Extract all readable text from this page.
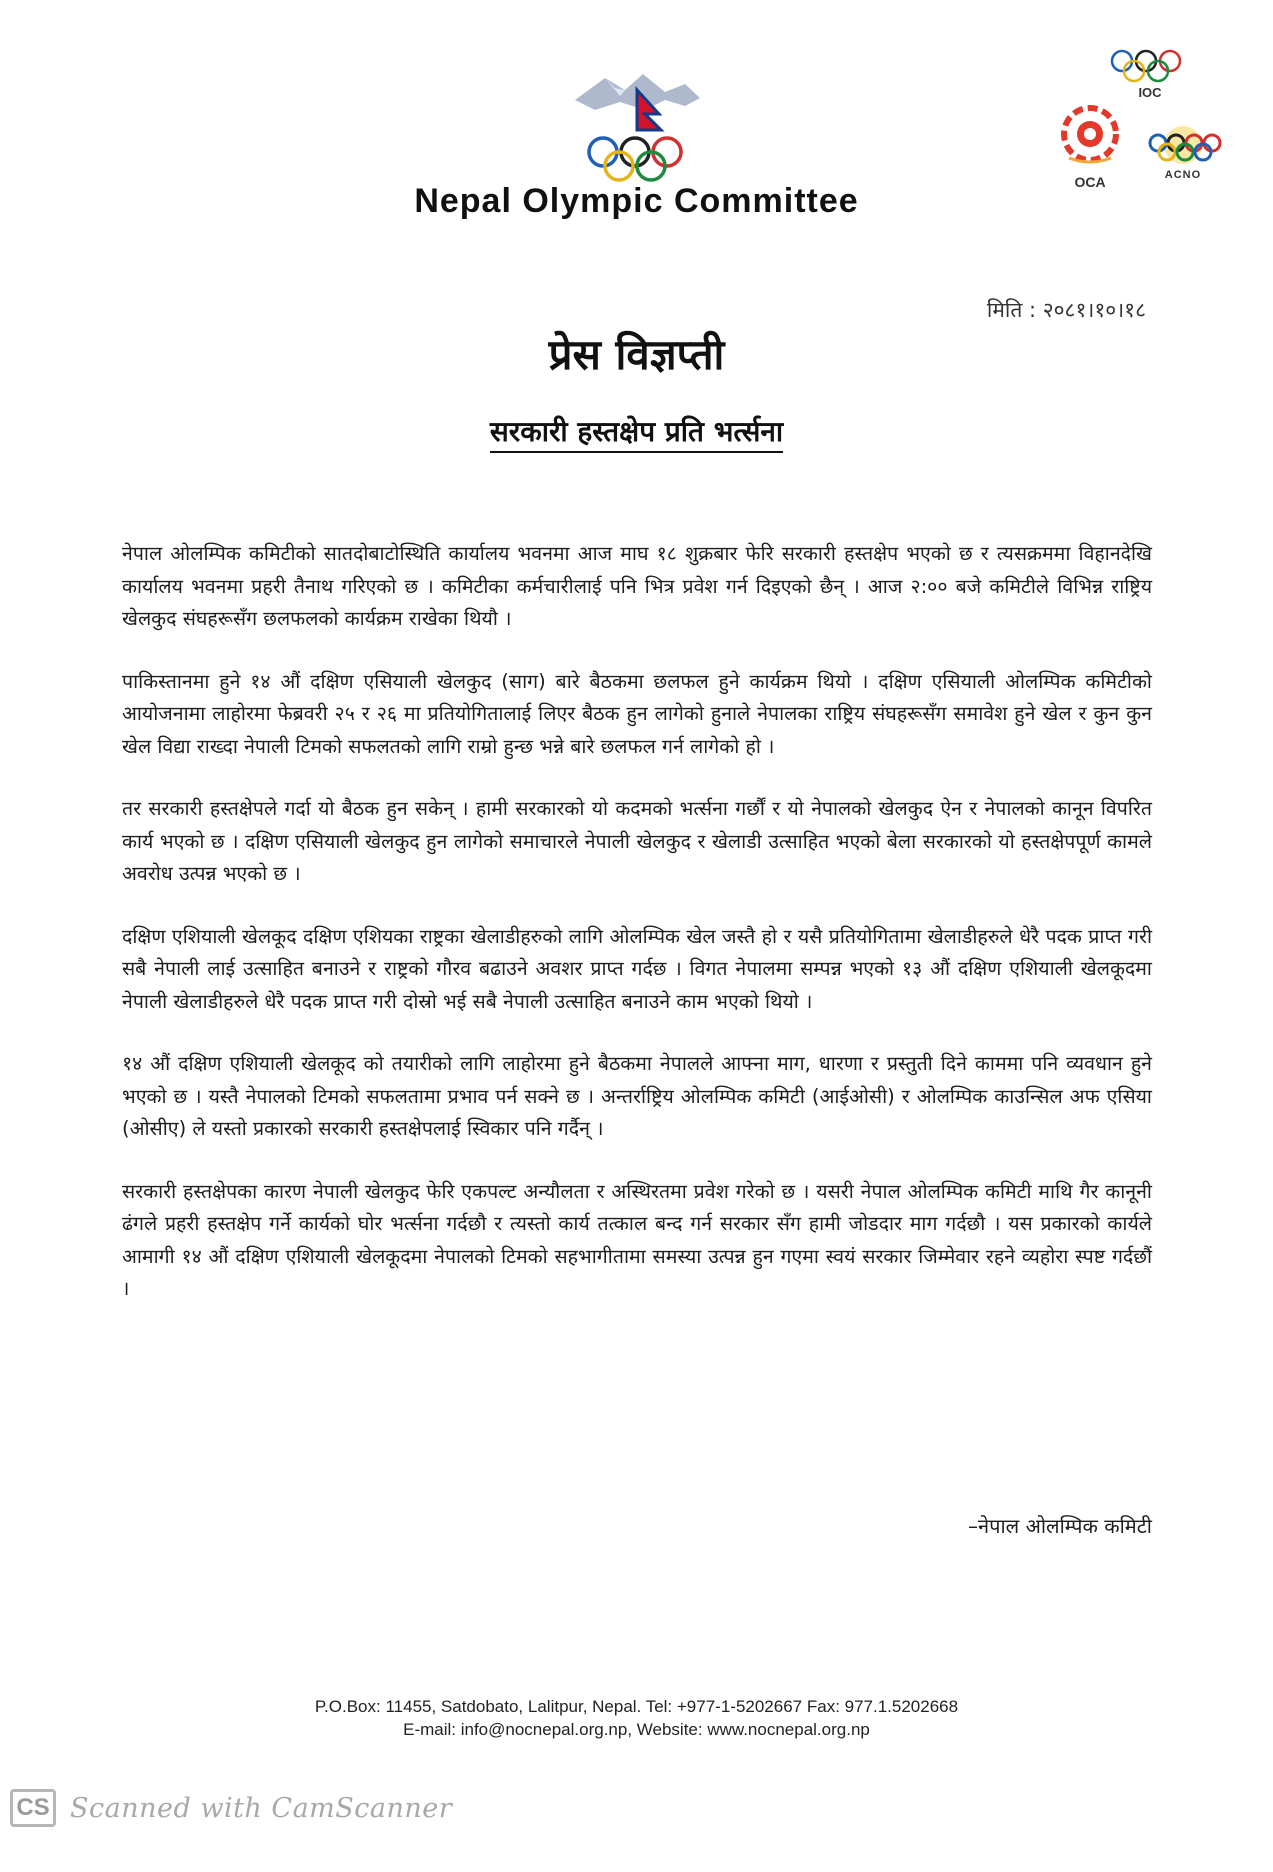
Nepal Olympic Committee
IOC
OCA	ACNO
मिति : २०८१।१०।१८
प्रेस विज्ञप्ती
सरकारी हस्तक्षेप प्रति भर्त्सना

नेपाल ओलम्पिक कमिटीको सातदोबाटोस्थिति कार्यालय भवनमा आज माघ १८ शुक्रबार फेरि सरकारी हस्तक्षेप भएको छ र त्यसक्रममा विहानदेखि कार्यालय भवनमा प्रहरी तैनाथ गरिएको छ । कमिटीका कर्मचारीलाई पनि भित्र प्रवेश गर्न दिइएको छैन् । आज २:०० बजे कमिटीले विभिन्न राष्ट्रिय खेलकुद संघहरूसँग छलफलको कार्यक्रम राखेका थियौ ।

पाकिस्तानमा हुने १४ औं दक्षिण एसियाली खेलकुद (साग) बारे बैठकमा छलफल हुने कार्यक्रम थियो । दक्षिण एसियाली ओलम्पिक कमिटीको आयोजनामा लाहोरमा फेब्रवरी २५ र २६ मा प्रतियोगितालाई लिएर बैठक हुन लागेको हुनाले नेपालका राष्ट्रिय संघहरूसँग समावेश हुने खेल र कुन कुन खेल विद्या राख्दा नेपाली टिमको सफलतको लागि राम्रो हुन्छ भन्ने बारे छलफल गर्न लागेको हो ।

तर सरकारी हस्तक्षेपले गर्दा यो बैठक हुन सकेन् । हामी सरकारको यो कदमको भर्त्सना गर्छौं र यो नेपालको खेलकुद ऐन र नेपालको कानून विपरित कार्य भएको छ । दक्षिण एसियाली खेलकुद हुन लागेको समाचारले नेपाली खेलकुद र खेलाडी उत्साहित भएको बेला सरकारको यो हस्तक्षेपपूर्ण कामले अवरोध उत्पन्न भएको छ ।

दक्षिण एशियाली खेलकूद दक्षिण एशियका राष्ट्रका खेलाडीहरुको लागि ओलम्पिक खेल जस्तै हो र यसै प्रतियोगितामा खेलाडीहरुले धेरै पदक प्राप्त गरी सबै नेपाली लाई उत्साहित बनाउने र राष्ट्रको गौरव बढाउने अवशर प्राप्त गर्दछ । विगत नेपालमा सम्पन्न भएको १३ औं दक्षिण एशियाली खेलकूदमा नेपाली खेलाडीहरुले धेरै पदक प्राप्त गरी दोस्रो भई सबै नेपाली उत्साहित बनाउने काम भएको थियो ।

१४ औं दक्षिण एशियाली खेलकूद को तयारीको लागि लाहोरमा हुने बैठकमा नेपालले आफ्ना माग, धारणा र प्रस्तुती दिने काममा पनि व्यवधान हुने भएको छ । यस्तै नेपालको टिमको सफलतामा प्रभाव पर्न सक्ने छ । अन्तर्राष्ट्रिय ओलम्पिक कमिटी (आईओसी) र ओलम्पिक काउन्सिल अफ एसिया (ओसीए) ले यस्तो प्रकारको सरकारी हस्तक्षेपलाई स्विकार पनि गर्दैन् ।

सरकारी हस्तक्षेपका कारण नेपाली खेलकुद फेरि एकपल्ट अन्यौलता र अस्थिरतमा प्रवेश गरेको छ । यसरी नेपाल ओलम्पिक कमिटी माथि गैर कानूनी ढंगले प्रहरी हस्तक्षेप गर्ने कार्यको घोर भर्त्सना गर्दछौ र त्यस्तो कार्य तत्काल बन्द गर्न सरकार सँग हामी जोडदार माग गर्दछौ । यस प्रकारको कार्यले आमागी १४ औं दक्षिण एशियाली खेलकूदमा नेपालको टिमको सहभागीतामा समस्या उत्पन्न हुन गएमा स्वयं सरकार जिम्मेवार रहने व्यहोरा स्पष्ट गर्दछौं ।

–नेपाल ओलम्पिक कमिटी
P.O.Box: 11455, Satdobato, Lalitpur, Nepal. Tel: +977-1-5202667 Fax: 977.1.5202668
E-mail: info@nocnepal.org.np, Website: www.nocnepal.org.np
CS Scanned with CamScanner
